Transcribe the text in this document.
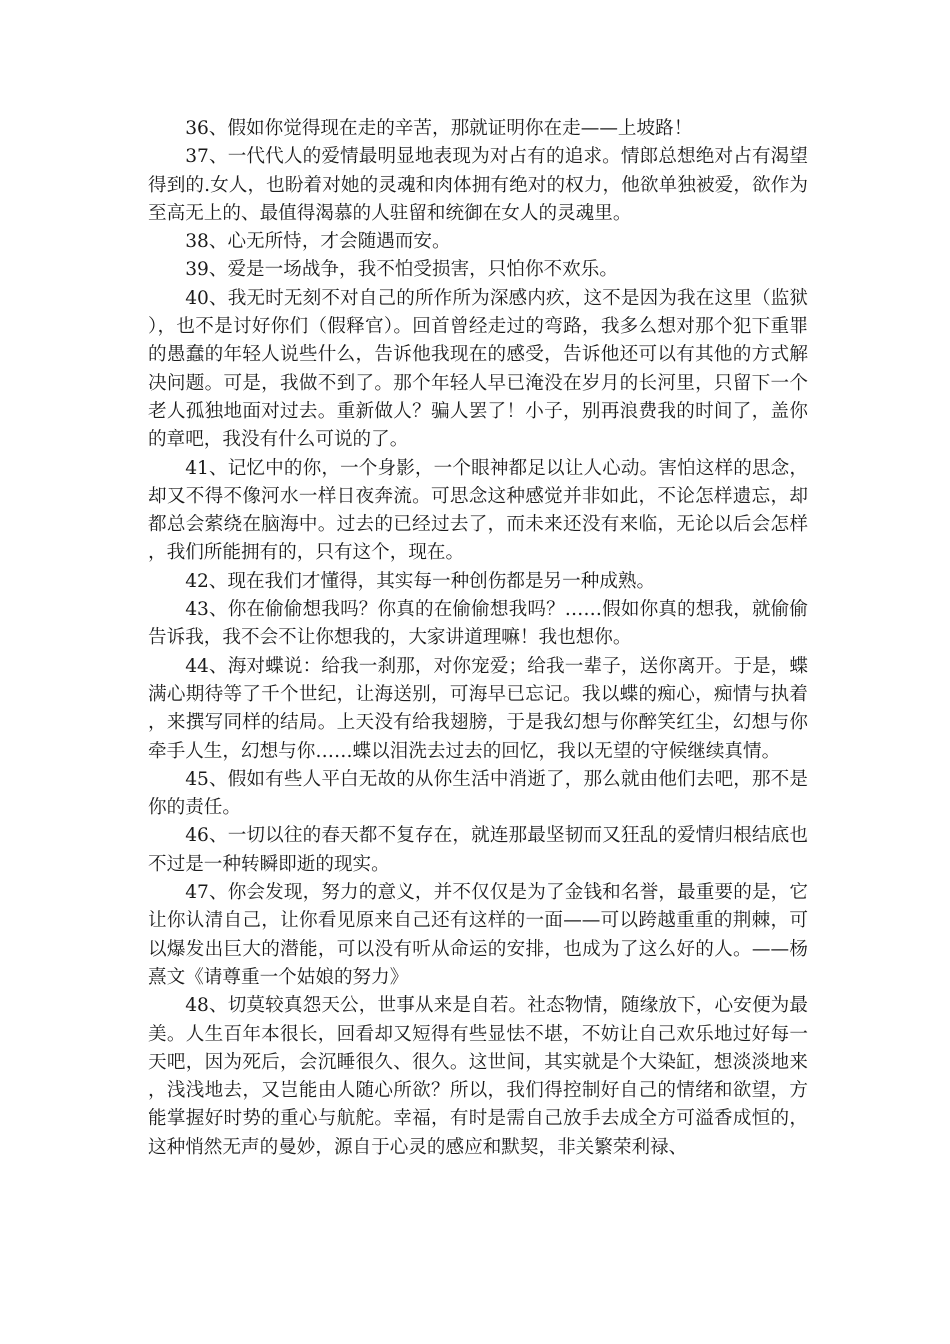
36、假如你觉得现在走的辛苦，那就证明你在走——上坡路！

37、一代代人的爱情最明显地表现为对占有的追求。情郎总想绝对占有渴望得到的.女人，也盼着对她的灵魂和肉体拥有绝对的权力，他欲单独被爱，欲作为至高无上的、最值得渴慕的人驻留和统御在女人的灵魂里。

38、心无所恃，才会随遇而安。

39、爱是一场战争，我不怕受损害，只怕你不欢乐。

40、我无时无刻不对自己的所作所为深感内疚，这不是因为我在这里（监狱），也不是讨好你们（假释官）。回首曾经走过的弯路，我多么想对那个犯下重罪的愚蠢的年轻人说些什么，告诉他我现在的感受，告诉他还可以有其他的方式解决问题。可是，我做不到了。那个年轻人早已淹没在岁月的长河里，只留下一个老人孤独地面对过去。重新做人？骗人罢了！小子，别再浪费我的时间了，盖你的章吧，我没有什么可说的了。

41、记忆中的你，一个身影，一个眼神都足以让人心动。害怕这样的思念，却又不得不像河水一样日夜奔流。可思念这种感觉并非如此，不论怎样遗忘，却都总会萦绕在脑海中。过去的已经过去了，而未来还没有来临，无论以后会怎样，我们所能拥有的，只有这个，现在。

42、现在我们才懂得，其实每一种创伤都是另一种成熟。

43、你在偷偷想我吗？你真的在偷偷想我吗？……假如你真的想我，就偷偷告诉我，我不会不让你想我的，大家讲道理嘛！我也想你。

44、海对蝶说：给我一刹那，对你宠爱；给我一辈子，送你离开。于是，蝶满心期待等了千个世纪，让海送别，可海早已忘记。我以蝶的痴心，痴情与执着，来撰写同样的结局。上天没有给我翅膀，于是我幻想与你醉笑红尘，幻想与你牵手人生，幻想与你……蝶以泪洗去过去的回忆，我以无望的守候继续真情。

45、假如有些人平白无故的从你生活中消逝了，那么就由他们去吧，那不是你的责任。

46、一切以往的春天都不复存在，就连那最坚韧而又狂乱的爱情归根结底也不过是一种转瞬即逝的现实。

47、你会发现，努力的意义，并不仅仅是为了金钱和名誉，最重要的是，它让你认清自己，让你看见原来自己还有这样的一面——可以跨越重重的荆棘，可以爆发出巨大的潜能，可以没有听从命运的安排，也成为了这么好的人。——杨熹文《请尊重一个姑娘的努力》

48、切莫较真怨天公，世事从来是自若。社态物情，随缘放下，心安便为最美。人生百年本很长，回看却又短得有些显怯不堪，不妨让自己欢乐地过好每一天吧，因为死后，会沉睡很久、很久。这世间，其实就是个大染缸，想淡淡地来，浅浅地去，又岂能由人随心所欲？所以，我们得控制好自己的情绪和欲望，方能掌握好时势的重心与航舵。幸福，有时是需自己放手去成全方可溢香成恒的，这种悄然无声的曼妙，源自于心灵的感应和默契，非关繁荣利禄、
